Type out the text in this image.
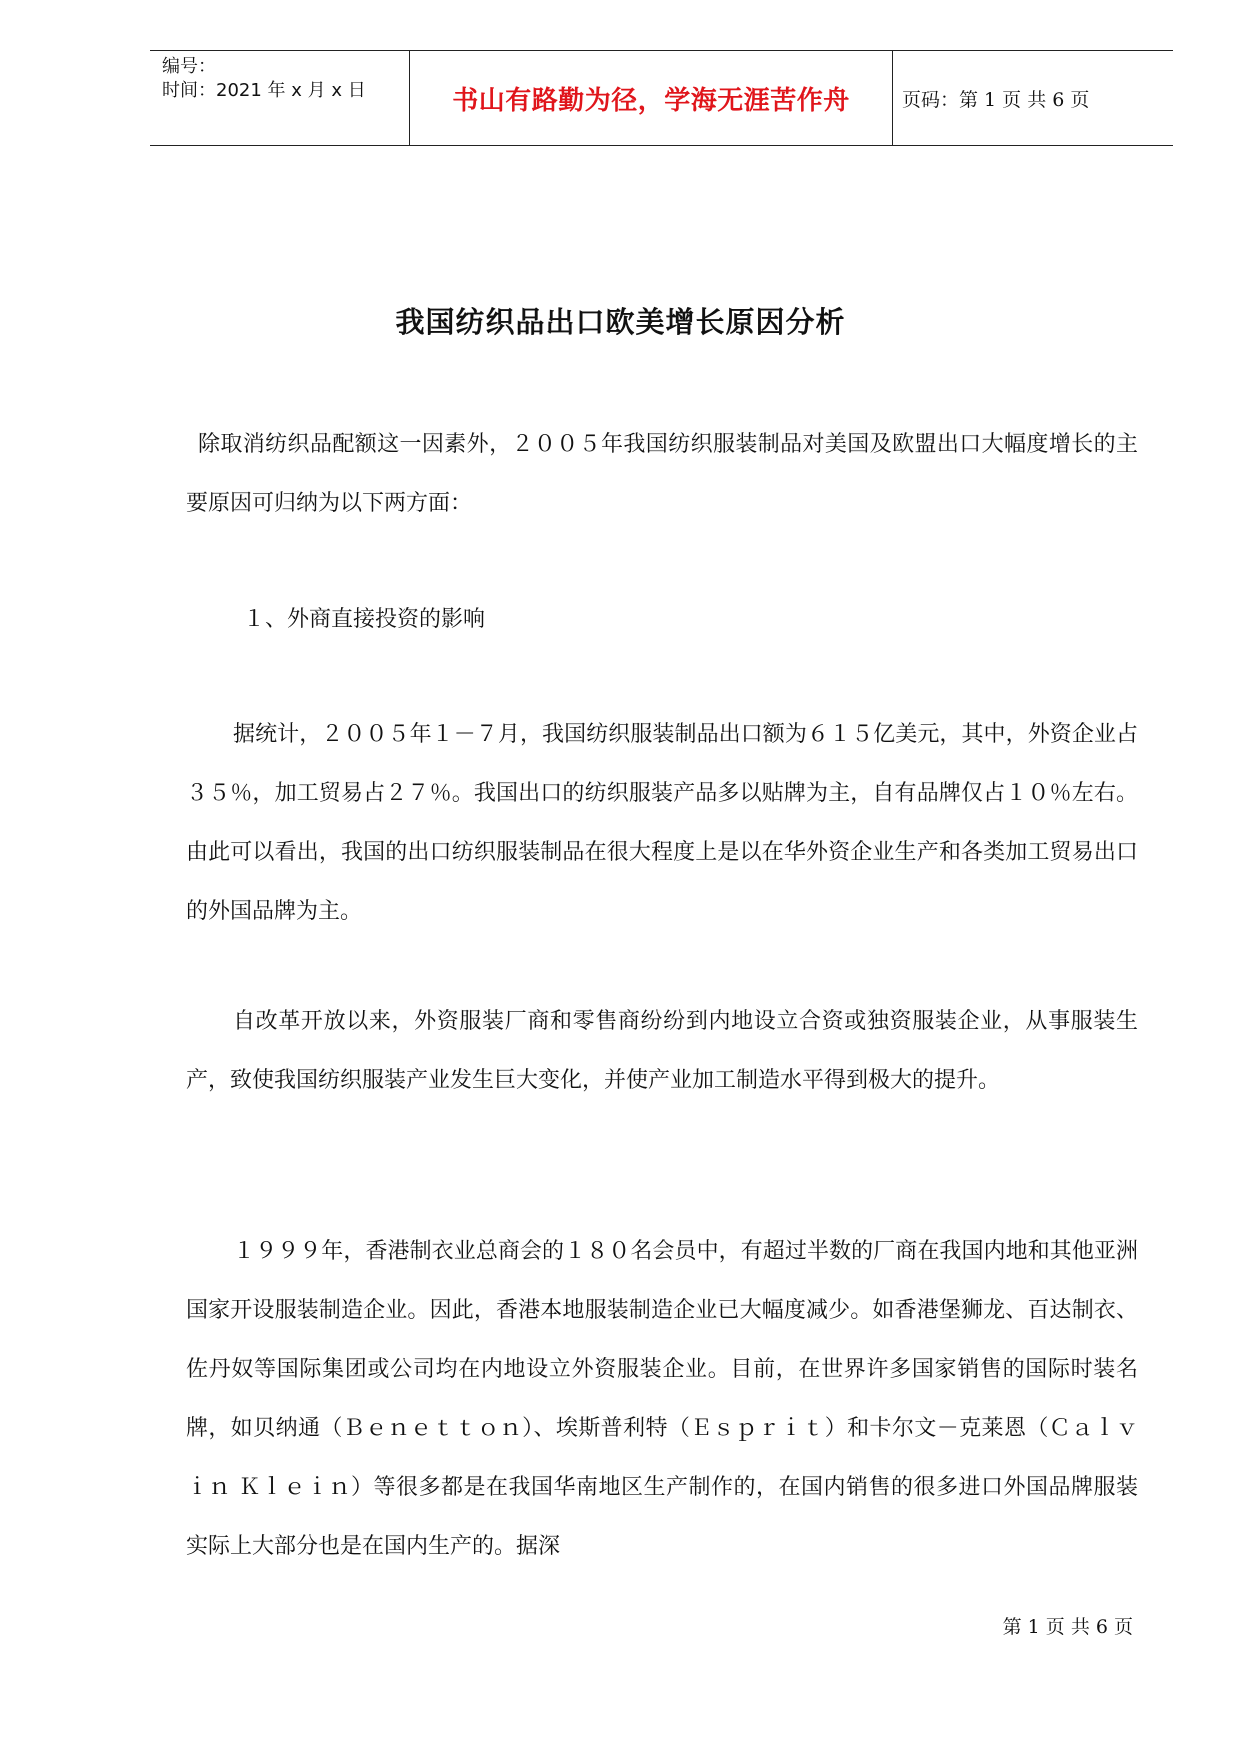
编号：
时间：2021 年 x 月 x 日	书山有路勤为径，学海无涯苦作舟	页码：第 1 页 共 6 页
我国纺织品出口欧美增长原因分析

除取消纺织品配额这一因素外，２００５年我国纺织服装制品对美国及欧盟出口大幅度增长的主要原因可归纳为以下两方面：

１、外商直接投资的影响

据统计，２００５年１－７月，我国纺织服装制品出口额为６１５亿美元，其中，外资企业占３５％，加工贸易占２７％。我国出口的纺织服装产品多以贴牌为主，自有品牌仅占１０％左右。由此可以看出，我国的出口纺织服装制品在很大程度上是以在华外资企业生产和各类加工贸易出口的外国品牌为主。

自改革开放以来，外资服装厂商和零售商纷纷到内地设立合资或独资服装企业，从事服装生产，致使我国纺织服装产业发生巨大变化，并使产业加工制造水平得到极大的提升。

１９９９年，香港制衣业总商会的１８０名会员中，有超过半数的厂商在我国内地和其他亚洲国家开设服装制造企业。因此，香港本地服装制造企业已大幅度减少。如香港堡狮龙、百达制衣、佐丹奴等国际集团或公司均在内地设立外资服装企业。目前，在世界许多国家销售的国际时装名牌，如贝纳通（Ｂｅｎｅｔｔｏｎ）、埃斯普利特（Ｅｓｐｒｉｔ）和卡尔文－克莱恩（Ｃａｌｖｉｎ Ｋｌｅｉｎ）等很多都是在我国华南地区生产制作的，在国内销售的很多进口外国品牌服装实际上大部分也是在国内生产的。据深

第 1 页 共 6 页
